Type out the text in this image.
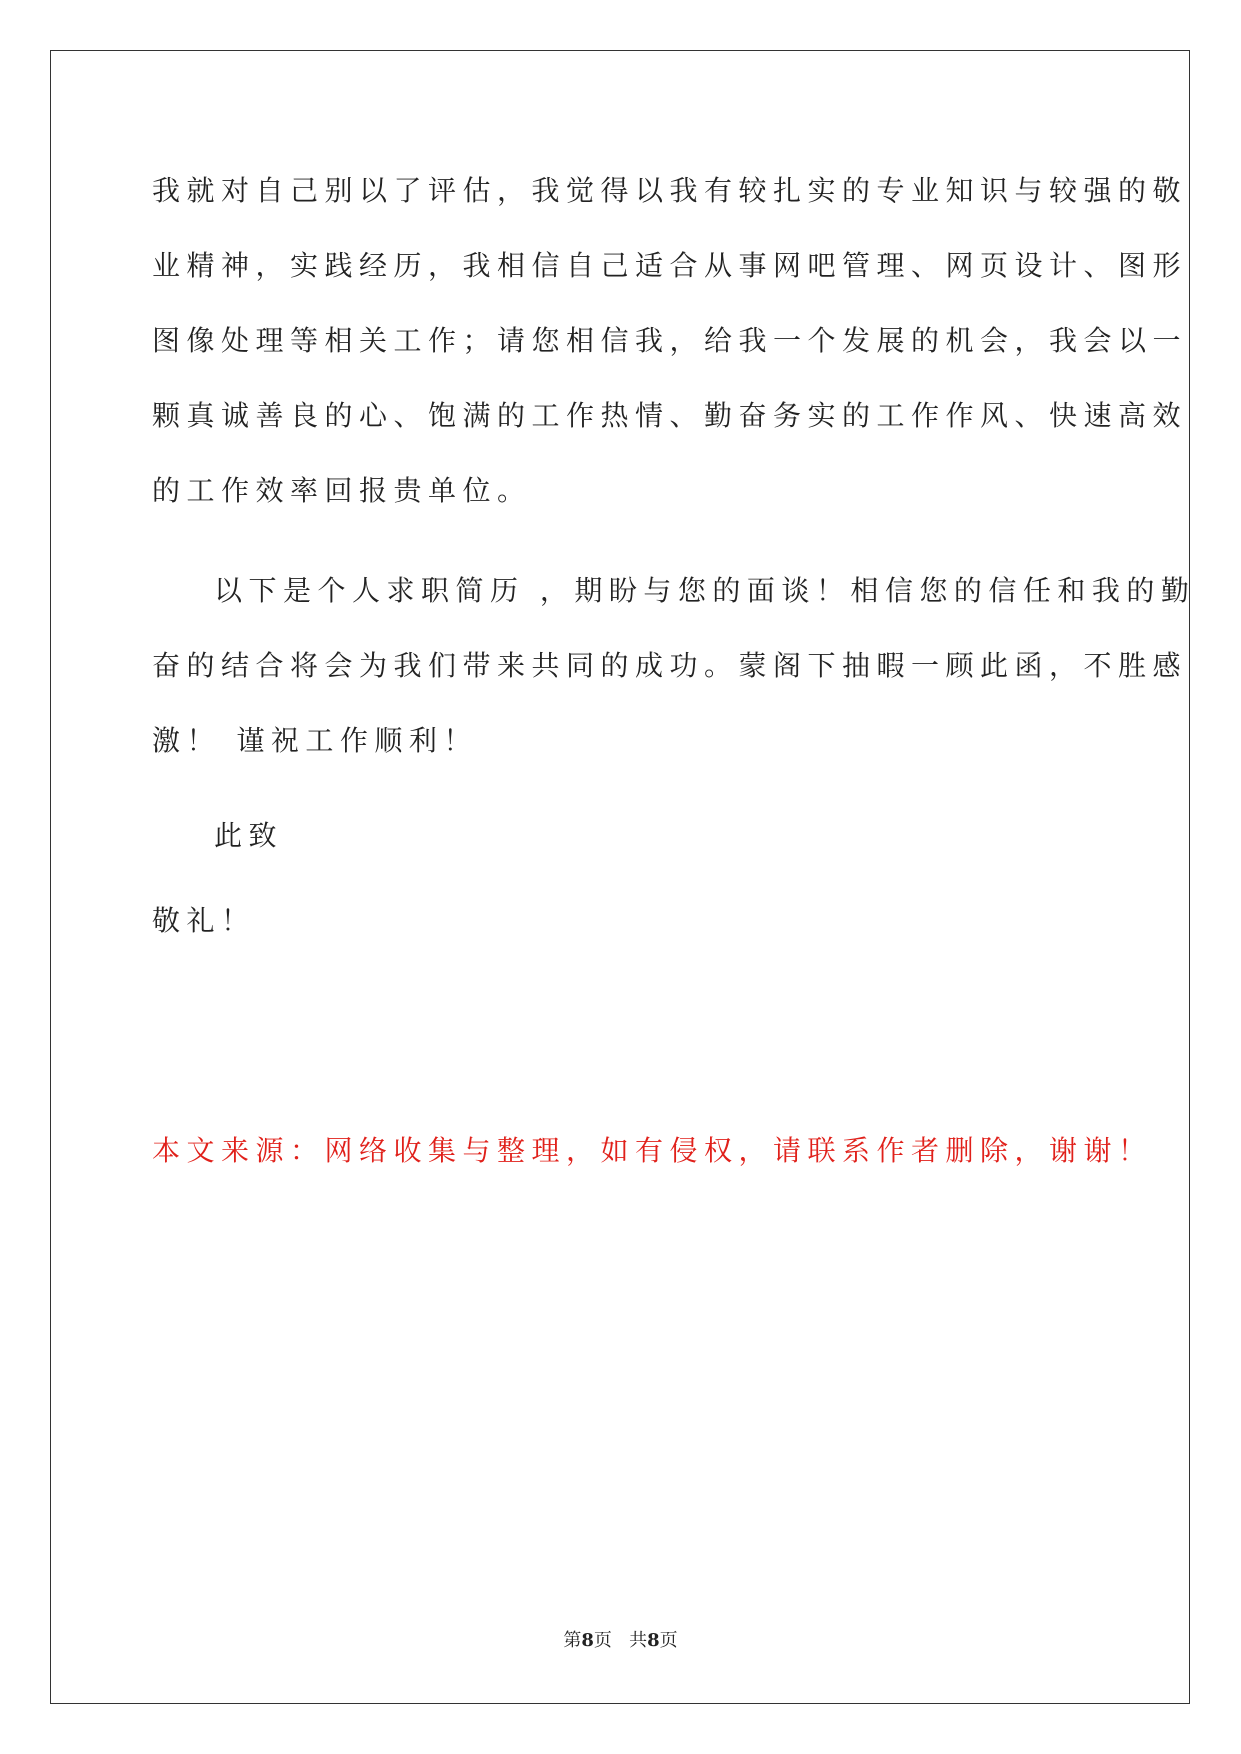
我就对自己别以了评估，我觉得以我有较扎实的专业知识与较强的敬
业精神，实践经历，我相信自己适合从事网吧管理、网页设计、图形
图像处理等相关工作；请您相信我，给我一个发展的机会，我会以一
颗真诚善良的心、饱满的工作热情、勤奋务实的工作作风、快速高效
的工作效率回报贵单位。
以下是个人求职简历 ，期盼与您的面谈！相信您的信任和我的勤
奋的结合将会为我们带来共同的成功。蒙阁下抽暇一顾此函，不胜感
激！ 谨祝工作顺利！
此致
敬礼！
本文来源：网络收集与整理，如有侵权，请联系作者删除，谢谢！
第8页 共8页
